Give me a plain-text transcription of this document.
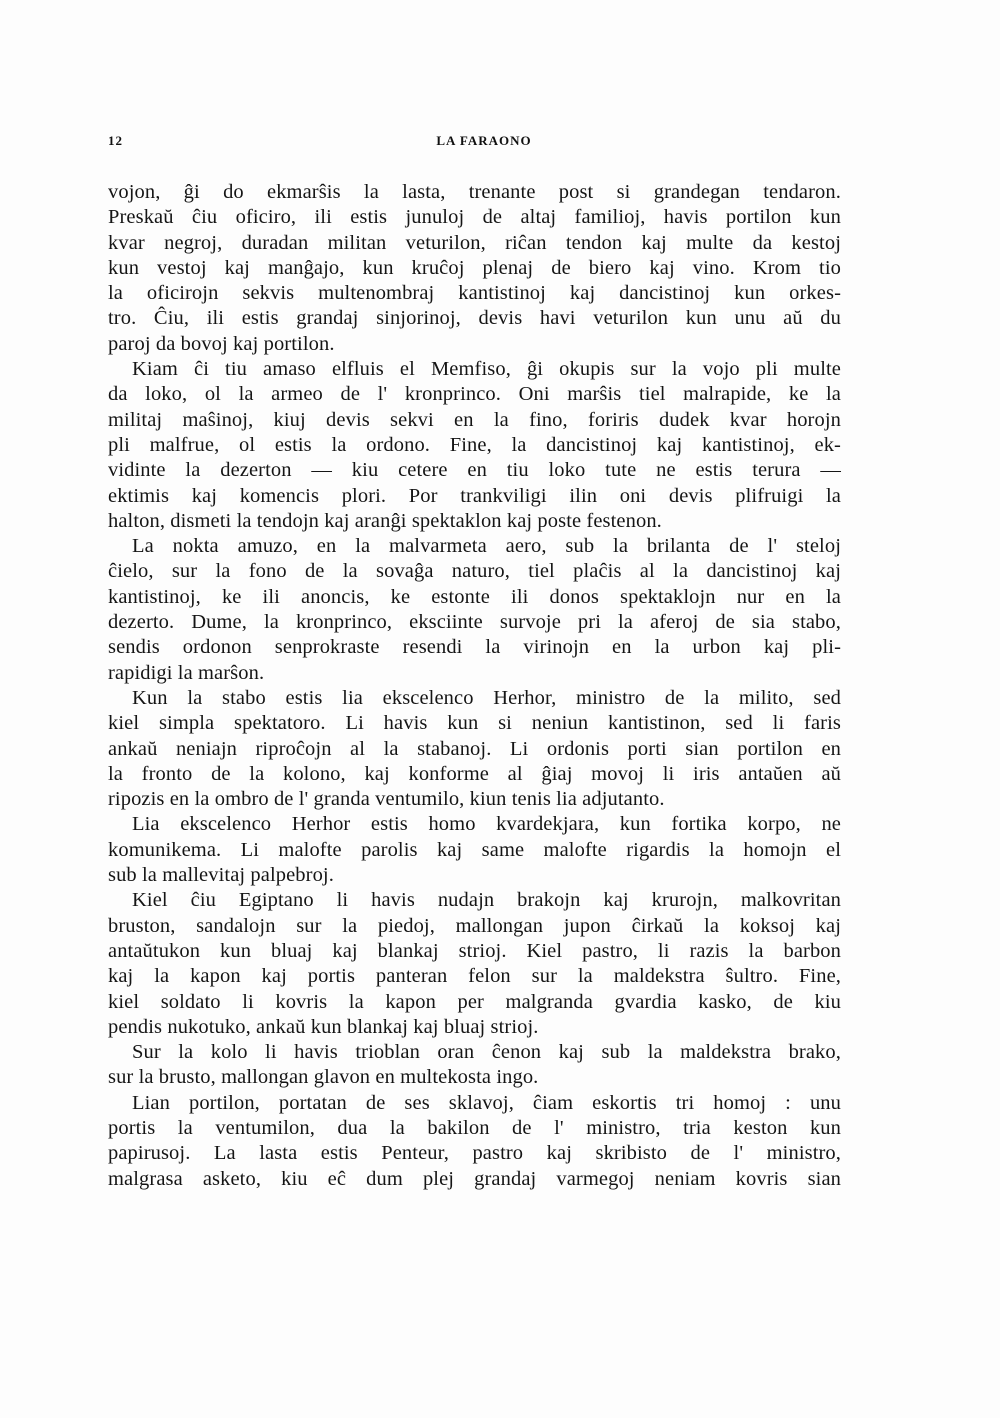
12	LA FARAONO
vojon, ĝi do ekmarŝis la lasta, trenante post si grandegan tendaron.
Preskaŭ ĉiu oficiro, ili estis junuloj de altaj familioj, havis portilon kun
kvar negroj, duradan militan veturilon, riĉan tendon kaj multe da kestoj
kun vestoj kaj manĝajo, kun kruĉoj plenaj de biero kaj vino. Krom tio
la oficirojn sekvis multenombraj kantistinoj kaj dancistinoj kun orkes-
tro. Ĉiu, ili estis grandaj sinjorinoj, devis havi veturilon kun unu aŭ du
paroj da bovoj kaj portilon.
Kiam ĉi tiu amaso elfluis el Memfiso, ĝi okupis sur la vojo pli multe
da loko, ol la armeo de l' kronprinco. Oni marŝis tiel malrapide, ke la
militaj maŝinoj, kiuj devis sekvi en la fino, foriris dudek kvar horojn
pli malfrue, ol estis la ordono. Fine, la dancistinoj kaj kantistinoj, ek-
vidinte la dezerton — kiu cetere en tiu loko tute ne estis terura —
ektimis kaj komencis plori. Por trankviligi ilin oni devis plifruigi la
halton, dismeti la tendojn kaj aranĝi spektaklon kaj poste festenon.
La nokta amuzo, en la malvarmeta aero, sub la brilanta de l' steloj
ĉielo, sur la fono de la sovaĝa naturo, tiel plaĉis al la dancistinoj kaj
kantistinoj, ke ili anoncis, ke estonte ili donos spektaklojn nur en la
dezerto. Dume, la kronprinco, eksciinte survoje pri la aferoj de sia stabo,
sendis ordonon senprokraste resendi la virinojn en la urbon kaj pli-
rapidigi la marŝon.
Kun la stabo estis lia ekscelenco Herhor, ministro de la milito, sed
kiel simpla spektatoro. Li havis kun si neniun kantistinon, sed li faris
ankaŭ neniajn riproĉojn al la stabanoj. Li ordonis porti sian portilon en
la fronto de la kolono, kaj konforme al ĝiaj movoj li iris antaŭen aŭ
ripozis en la ombro de l' granda ventumilo, kiun tenis lia adjutanto.
Lia ekscelenco Herhor estis homo kvardekjara, kun fortika korpo, ne
komunikema. Li malofte parolis kaj same malofte rigardis la homojn el
sub la mallevitaj palpebroj.
Kiel ĉiu Egiptano li havis nudajn brakojn kaj krurojn, malkovritan
bruston, sandalojn sur la piedoj, mallongan jupon ĉirkaŭ la koksoj kaj
antaŭtukon kun bluaj kaj blankaj strioj. Kiel pastro, li razis la barbon
kaj la kapon kaj portis panteran felon sur la maldekstra ŝultro. Fine,
kiel soldato li kovris la kapon per malgranda gvardia kasko, de kiu
pendis nukotuko, ankaŭ kun blankaj kaj bluaj strioj.
Sur la kolo li havis trioblan oran ĉenon kaj sub la maldekstra brako,
sur la brusto, mallongan glavon en multekosta ingo.
Lian portilon, portatan de ses sklavoj, ĉiam eskortis tri homoj : unu
portis la ventumilon, dua la bakilon de l' ministro, tria keston kun
papirusoj. La lasta estis Penteur, pastro kaj skribisto de l' ministro,
malgrasa asketo, kiu eĉ dum plej grandaj varmegoj neniam kovris sian
